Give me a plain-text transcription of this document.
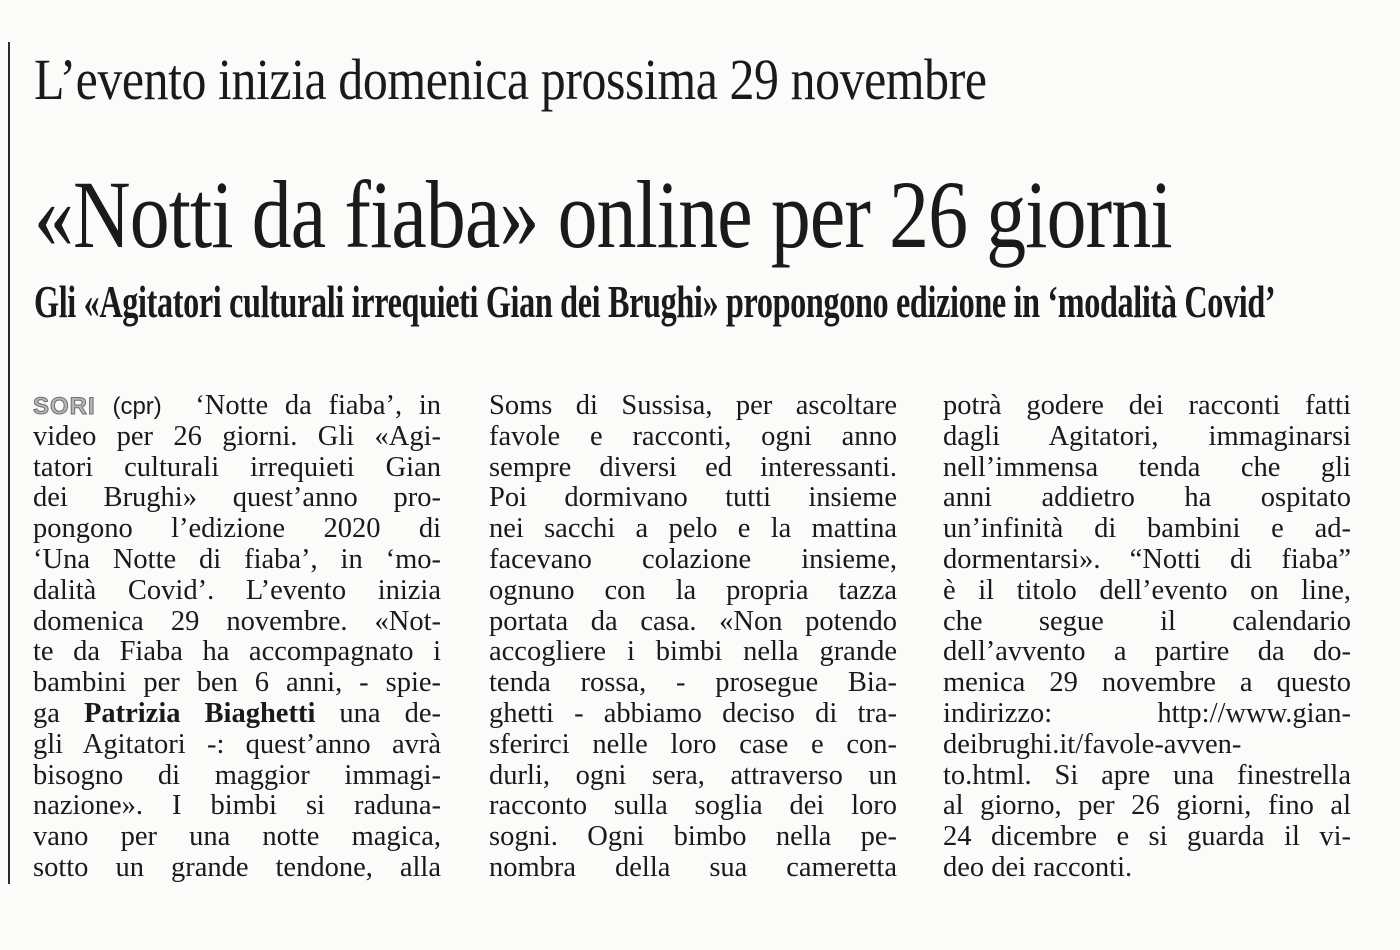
L’evento inizia domenica prossima 29 novembre
«Notti da fiaba» online per 26 giorni
Gli «Agitatori culturali irrequieti Gian dei Brughi» propongono edizione in ‘modalità Covid’
SORI (cpr) ‘Notte da fiaba’, in
video per 26 giorni. Gli «Agi-
tatori culturali irrequieti Gian
dei Brughi» quest’anno pro-
pongono l’edizione 2020 di
‘Una Notte di fiaba’, in ‘mo-
dalità Covid’. L’evento inizia
domenica 29 novembre. «Not-
te da Fiaba ha accompagnato i
bambini per ben 6 anni, - spie-
ga Patrizia Biaghetti una de-
gli Agitatori -: quest’anno avrà
bisogno di maggior immagi-
nazione». I bimbi si raduna-
vano per una notte magica,
sotto un grande tendone, alla
Soms di Sussisa, per ascoltare
favole e racconti, ogni anno
sempre diversi ed interessanti.
Poi dormivano tutti insieme
nei sacchi a pelo e la mattina
facevano colazione insieme,
ognuno con la propria tazza
portata da casa. «Non potendo
accogliere i bimbi nella grande
tenda rossa, - prosegue Bia-
ghetti - abbiamo deciso di tra-
sferirci nelle loro case e con-
durli, ogni sera, attraverso un
racconto sulla soglia dei loro
sogni. Ogni bimbo nella pe-
nombra della sua cameretta
potrà godere dei racconti fatti
dagli Agitatori, immaginarsi
nell’immensa tenda che gli
anni addietro ha ospitato
un’infinità di bambini e ad-
dormentarsi». “Notti di fiaba”
è il titolo dell’evento on line,
che segue il calendario
dell’avvento a partire da do-
menica 29 novembre a questo
indirizzo: http://www.gian-
deibrughi.it/favole-avven-
to.html. Si apre una finestrella
al giorno, per 26 giorni, fino al
24 dicembre e si guarda il vi-
deo dei racconti.
